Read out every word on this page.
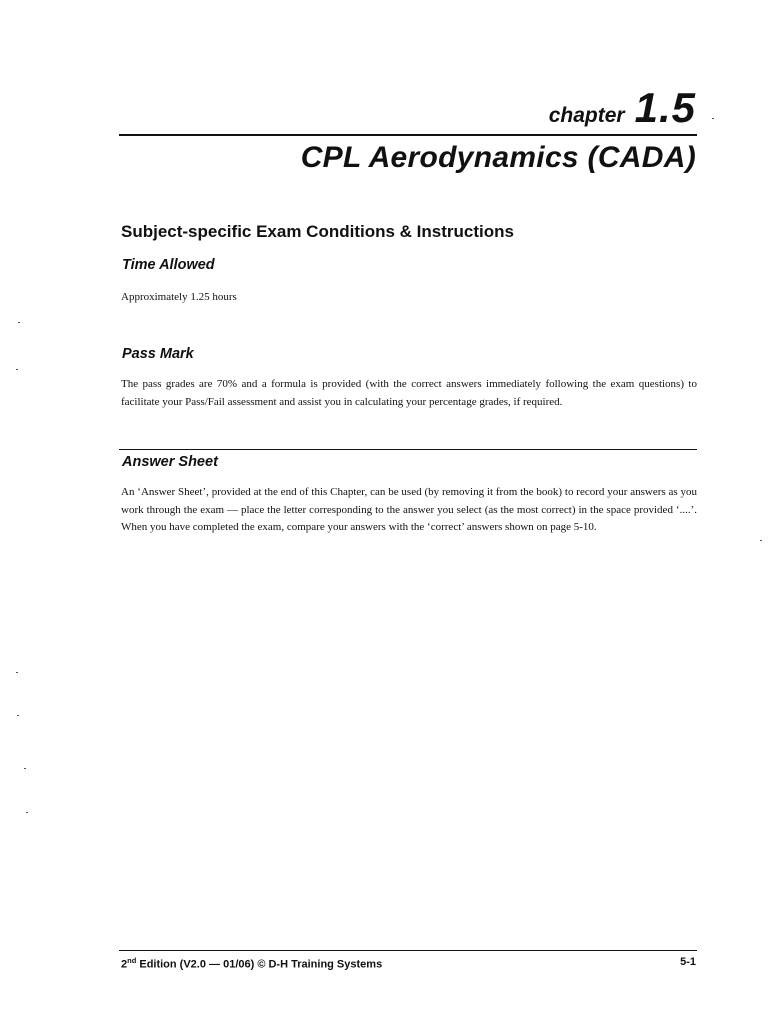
chapter 1.5
CPL Aerodynamics (CADA)
Subject-specific Exam Conditions & Instructions
Time Allowed
Approximately 1.25 hours
Pass Mark
The pass grades are 70% and a formula is provided (with the correct answers immediately following the exam questions) to facilitate your Pass/Fail assessment and assist you in calculating your percentage grades, if required.
Answer Sheet
An ‘Answer Sheet’, provided at the end of this Chapter, can be used (by removing it from the book) to record your answers as you work through the exam — place the letter corresponding to the answer you select (as the most correct) in the space provided ‘....’. When you have completed the exam, compare your answers with the ‘correct’ answers shown on page 5-10.
2nd Edition (V2.0 — 01/06) © D-H Training Systems	5-1
